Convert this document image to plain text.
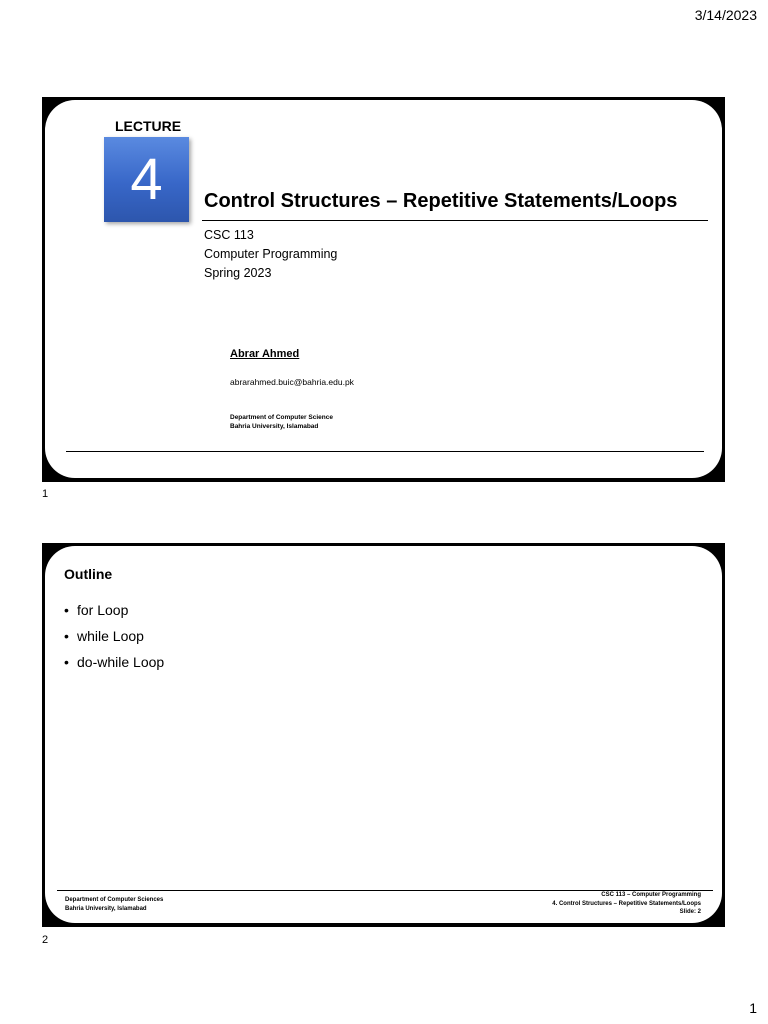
3/14/2023
LECTURE
4	Control Structures – Repetitive Statements/Loops
CSC 113
Computer Programming
Spring 2023
Abrar Ahmed
abrarahmed.buic@bahria.edu.pk
Department of Computer Science
Bahria University, Islamabad
1
Outline
• for Loop
• while Loop
• do-while Loop
Department of Computer Sciences
Bahria University, Islamabad
CSC 113 – Computer Programming
4. Control Structures – Repetitive Statements/Loops
Slide: 2
2
1
